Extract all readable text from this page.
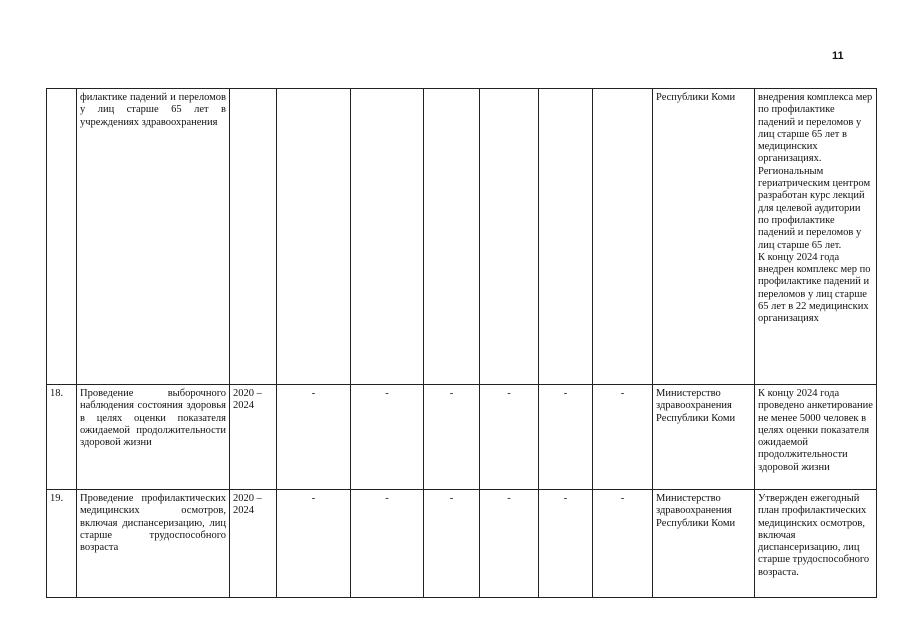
11
	филактике падений и переломов у лиц старше 65 лет в учреждениях здравоохранения								Республики Коми	внедрения комплекса мер по профилактике падений и переломов у лиц старше 65 лет в медицинских организациях.
Региональным гериатрическим центром разработан курс лекций для целевой аудитории по профилактике падений и переломов у лиц старше 65 лет.
К концу 2024 года внедрен комплекс мер по профилактике падений и переломов у лиц старше 65 лет в 22 медицинских организациях
18.	Проведение выборочного наблюдения состояния здоровья в целях оценки показателя ожидаемой продолжительности здоровой жизни	2020 – 2024	-	-	-	-	-	-	Министерство здравоохранения Республики Коми	К концу 2024 года проведено анкетирование не менее 5000 человек в целях оценки показателя ожидаемой продолжительности здоровой жизни
19.	Проведение профилактических медицинских осмотров, включая диспансеризацию, лиц старше трудоспособного возраста	2020 – 2024	-	-	-	-	-	-	Министерство здравоохранения Республики Коми	Утвержден ежегодный план профилактических медицинских осмотров, включая диспансеризацию, лиц старше трудоспособного возраста.
